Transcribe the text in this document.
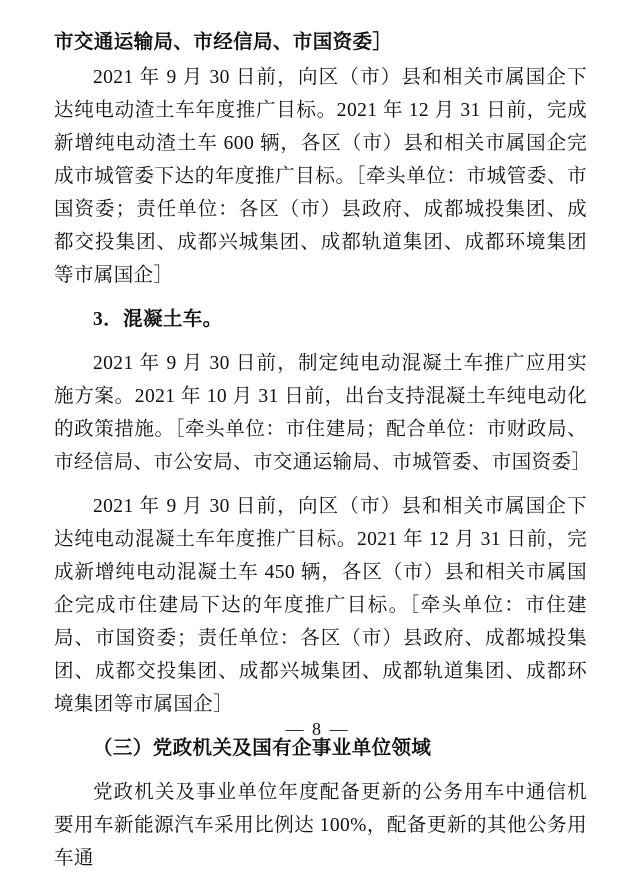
市交通运输局、市经信局、市国资委］

2021 年 9 月 30 日前，向区（市）县和相关市属国企下达纯电动渣土车年度推广目标。2021 年 12 月 31 日前，完成新增纯电动渣土车 600 辆，各区（市）县和相关市属国企完成市城管委下达的年度推广目标。［牵头单位：市城管委、市国资委；责任单位：各区（市）县政府、成都城投集团、成都交投集团、成都兴城集团、成都轨道集团、成都环境集团等市属国企］

3．混凝土车。

2021 年 9 月 30 日前，制定纯电动混凝土车推广应用实施方案。2021 年 10 月 31 日前，出台支持混凝土车纯电动化的政策措施。［牵头单位：市住建局；配合单位：市财政局、市经信局、市公安局、市交通运输局、市城管委、市国资委］

2021 年 9 月 30 日前，向区（市）县和相关市属国企下达纯电动混凝土车年度推广目标。2021 年 12 月 31 日前，完成新增纯电动混凝土车 450 辆，各区（市）县和相关市属国企完成市住建局下达的年度推广目标。［牵头单位：市住建局、市国资委；责任单位：各区（市）县政府、成都城投集团、成都交投集团、成都兴城集团、成都轨道集团、成都环境集团等市属国企］

（三）党政机关及国有企事业单位领域

党政机关及事业单位年度配备更新的公务用车中通信机要用车新能源汽车采用比例达 100%，配备更新的其他公务用车通

— 8 —
